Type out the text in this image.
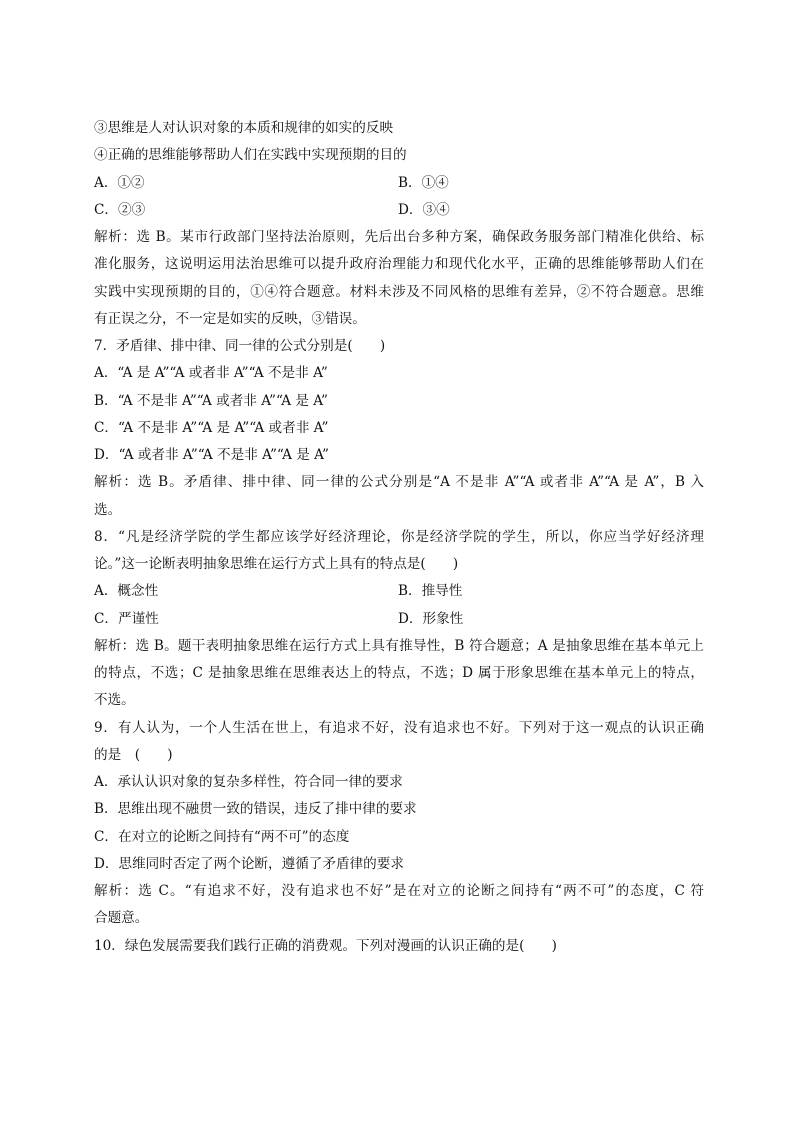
③思维是人对认识对象的本质和规律的如实的反映
④正确的思维能够帮助人们在实践中实现预期的目的
A．①②	B．①④
C．②③	D．③④
解析：选 B。某市行政部门坚持法治原则，先后出台多种方案，确保政务服务部门精准化供给、标
准化服务，这说明运用法治思维可以提升政府治理能力和现代化水平，正确的思维能够帮助人们在
实践中实现预期的目的，①④符合题意。材料未涉及不同风格的思维有差异，②不符合题意。思维
有正误之分，不一定是如实的反映，③错误。
7．矛盾律、排中律、同一律的公式分别是(　　)
A．“A 是 A”“A 或者非 A”“A 不是非 A”
B．“A 不是非 A”“A 或者非 A”“A 是 A”
C．“A 不是非 A”“A 是 A”“A 或者非 A”
D．“A 或者非 A”“A 不是非 A”“A 是 A”
解析：选 B。矛盾律、排中律、同一律的公式分别是“A 不是非 A”“A 或者非 A”“A 是 A”，B 入
选。
8．“凡是经济学院的学生都应该学好经济理论，你是经济学院的学生，所以，你应当学好经济理
论。”这一论断表明抽象思维在运行方式上具有的特点是(　　)
A．概念性	B．推导性
C．严谨性	D．形象性
解析：选 B。题干表明抽象思维在运行方式上具有推导性，B 符合题意；A 是抽象思维在基本单元上
的特点，不选；C 是抽象思维在思维表达上的特点，不选；D 属于形象思维在基本单元上的特点，
不选。
9．有人认为，一个人生活在世上，有追求不好，没有追求也不好。下列对于这一观点的认识正确
的是　(　　)
A．承认认识对象的复杂多样性，符合同一律的要求
B．思维出现不融贯一致的错误，违反了排中律的要求
C．在对立的论断之间持有“两不可”的态度
D．思维同时否定了两个论断，遵循了矛盾律的要求
解析：选 C。“有追求不好，没有追求也不好”是在对立的论断之间持有“两不可”的态度，C 符
合题意。
10．绿色发展需要我们践行正确的消费观。下列对漫画的认识正确的是(　　)
